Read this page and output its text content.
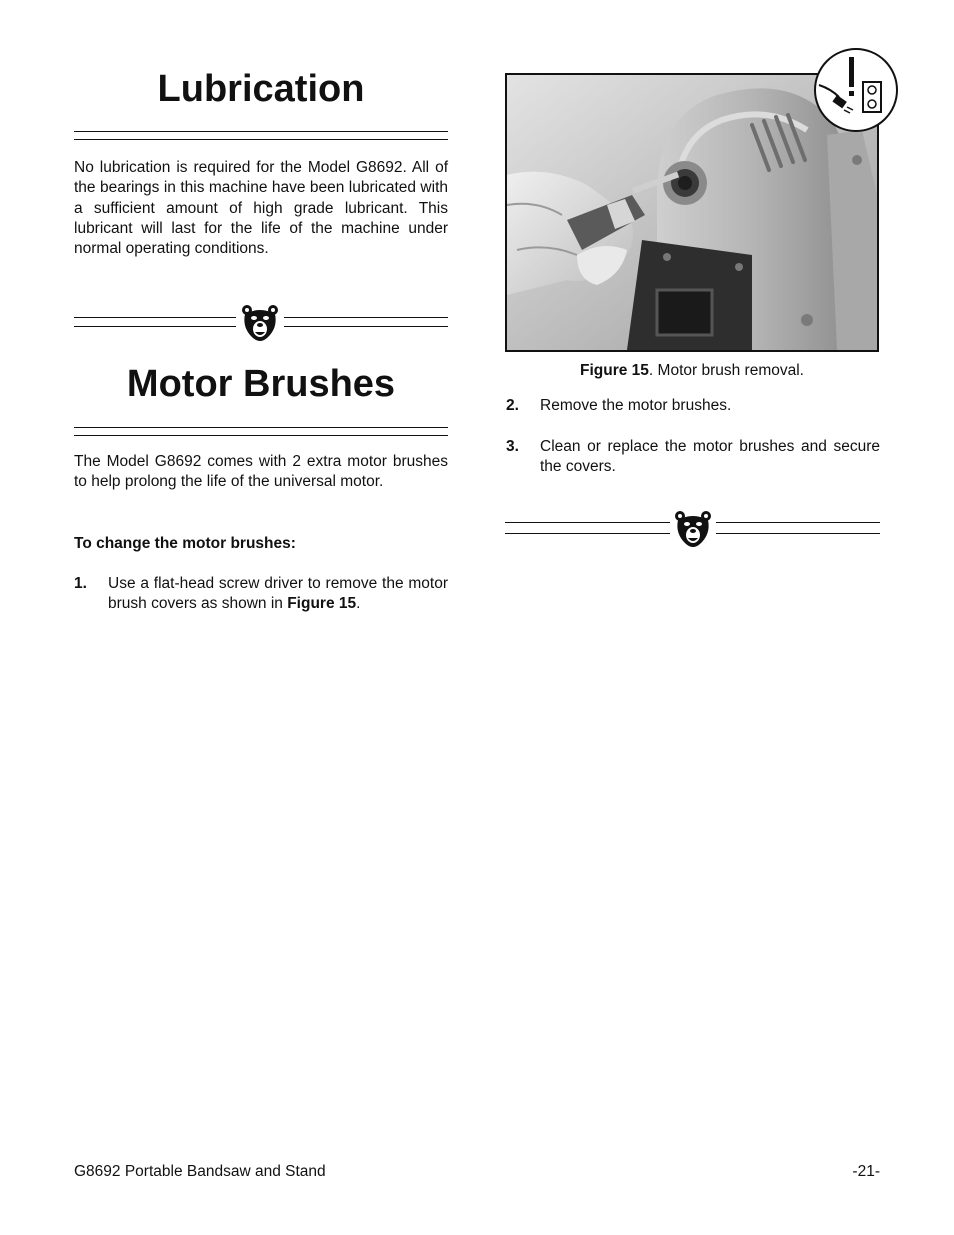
Lubrication
No lubrication is required for the Model G8692. All of the bearings in this machine have been lubricated with a sufficient amount of high grade lubricant. This lubricant will last for the life of the machine under normal operating conditions.
Motor Brushes
The Model G8692 comes with 2 extra motor brushes to help prolong the life of the universal motor.
To change the motor brushes:
1. Use a flat-head screw driver to remove the motor brush covers as shown in Figure 15.
Figure 15. Motor brush removal.
2. Remove the motor brushes.
3. Clean or replace the motor brushes and secure the covers.
G8692 Portable Bandsaw and Stand	-21-
